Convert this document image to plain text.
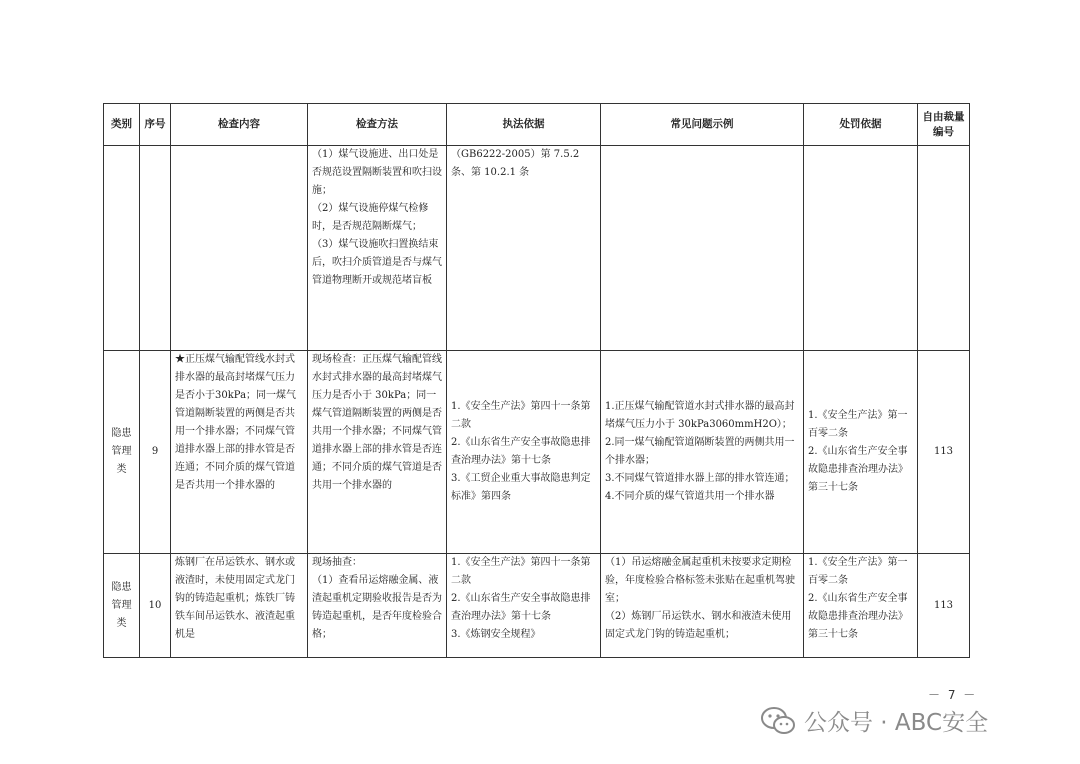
类别	序号	检查内容	检查方法	执法依据	常见问题示例	处罚依据	自由裁量编号

			（1）煤气设施进、出口处是否规范设置隔断装置和吹扫设施；
（2）煤气设施停煤气检修时，是否规范隔断煤气；
（3）煤气设施吹扫置换结束后，吹扫介质管道是否与煤气管道物理断开或规范堵盲板	（GB6222-2005）第 7.5.2 条、第 10.2.1 条			

隐患管理类	9	★正压煤气输配管线水封式排水器的最高封堵煤气压力是否小于30kPa；同一煤气管道隔断装置的两侧是否共用一个排水器；不同煤气管道排水器上部的排水管是否连通；不同介质的煤气管道是否共用一个排水器的	现场检查：正压煤气输配管线水封式排水器的最高封堵煤气压力是否小于 30kPa；同一煤气管道隔断装置的两侧是否共用一个排水器；不同煤气管道排水器上部的排水管是否连通；不同介质的煤气管道是否共用一个排水器的	1.《安全生产法》第四十一条第二款
2.《山东省生产安全事故隐患排查治理办法》第十七条
3.《工贸企业重大事故隐患判定标准》第四条	1.正压煤气输配管道水封式排水器的最高封堵煤气压力小于 30kPa3060mmH2O）；
2.同一煤气输配管道隔断装置的两侧共用一个排水器；
3.不同煤气管道排水器上部的排水管连通；
4.不同介质的煤气管道共用一个排水器	1.《安全生产法》第一百零二条
2.《山东省生产安全事故隐患排查治理办法》第三十七条	113
隐患管理类	10	炼钢厂在吊运铁水、钢水或液渣时，未使用固定式龙门钩的铸造起重机；炼铁厂铸铁车间吊运铁水、液渣起重机是	现场抽查：
（1）查看吊运熔融金属、液渣起重机定期验收报告是否为铸造起重机，是否年度检验合格；	1.《安全生产法》第四十一条第二款
2.《山东省生产安全事故隐患排查治理办法》第十七条
3.《炼钢安全规程》	（1）吊运熔融金属起重机未按要求定期检验，年度检验合格标签未张贴在起重机驾驶室；
（2）炼钢厂吊运铁水、钢水和液渣未使用固定式龙门钩的铸造起重机；	1.《安全生产法》第一百零二条
2.《山东省生产安全事故隐患排查治理办法》第三十七条	113
－ 7 －
公众号 · ABC安全
